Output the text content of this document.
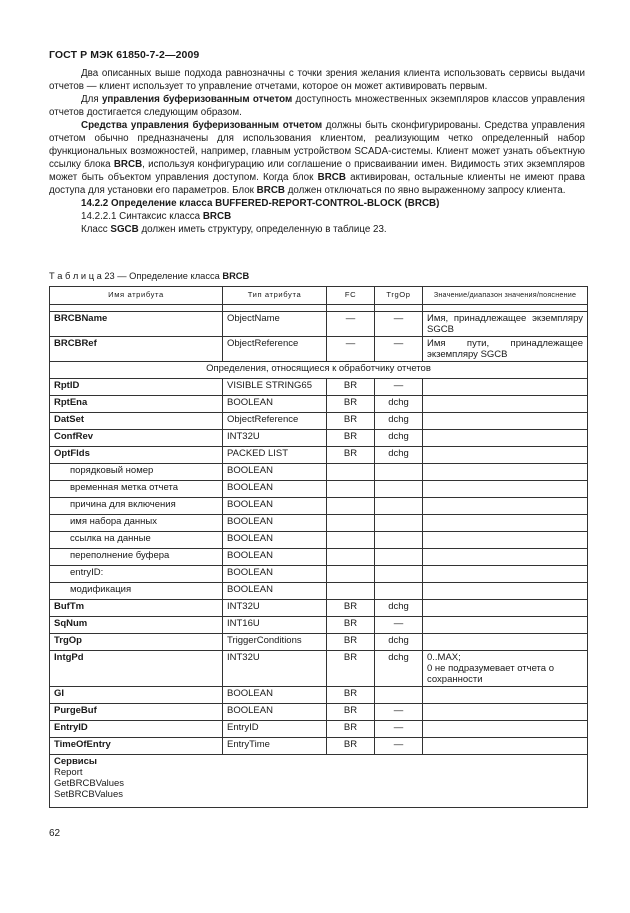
ГОСТ Р МЭК 61850-7-2—2009

Два описанных выше подхода равнозначны с точки зрения желания клиента использовать сервисы выдачи отчетов — клиент использует то управление отчетами, которое он может активировать первым.

Для управления буферизованным отчетом доступность множественных экземпляров классов управления отчетов достигается следующим образом.

Средства управления буферизованным отчетом должны быть сконфигурированы. Средства управления отчетом обычно предназначены для использования клиентом, реализующим четко определенный набор функциональных возможностей, например, главным устройством SCADA-системы. Клиент может узнать объектную ссылку блока BRCB, используя конфигурацию или соглашение о присваивании имен. Видимость этих экземпляров может быть объектом управления доступом. Когда блок BRCB активирован, остальные клиенты не имеют права доступа для установки его параметров. Блок BRCB должен отключаться по явно выраженному запросу клиента.

14.2.2 Определение класса BUFFERED-REPORT-CONTROL-BLOCK (BRCB)

14.2.2.1 Синтаксис класса BRCB

Класс SGCB должен иметь структуру, определенную в таблице 23.

Т а б л и ц а 23 — Определение класса BRCB
Имя атрибута	Тип атрибута	FC	TrgOp	Значение/диапазон значения/пояснение

BRCBName	ObjectName	—	—	Имя, принадлежащее экземпляру SGCB
BRCBRef	ObjectReference	—	—	Имя пути, принадлежащее экземпляру SGCB
Определения, относящиеся к обработчику отчетов				
RptID	VISIBLE STRING65	BR	—	
RptEna	BOOLEAN	BR	dchg	
DatSet	ObjectReference	BR	dchg	
ConfRev	INT32U	BR	dchg	
OptFlds	PACKED LIST	BR	dchg	
порядковый номер	BOOLEAN			
временная метка отчета	BOOLEAN			
причина для включения	BOOLEAN			
имя набора данных	BOOLEAN			
ссылка на данные	BOOLEAN			
переполнение буфера	BOOLEAN			
entryID:	BOOLEAN			
модификация	BOOLEAN			
BufTm	INT32U	BR	dchg	
SqNum	INT16U	BR	—	
TrgOp	TriggerConditions	BR	dchg	
IntgPd	INT32U	BR	dchg	0..MAX;
0 не подразумевает отчета о сохранности

GI	BOOLEAN	BR		
PurgeBuf	BOOLEAN	BR	—	
EntryID	EntryID	BR	—	
TimeOfEntry	EntryTime	BR	—	

Сервисы
Report
GetBRCBValues
SetBRCBValues				
62
